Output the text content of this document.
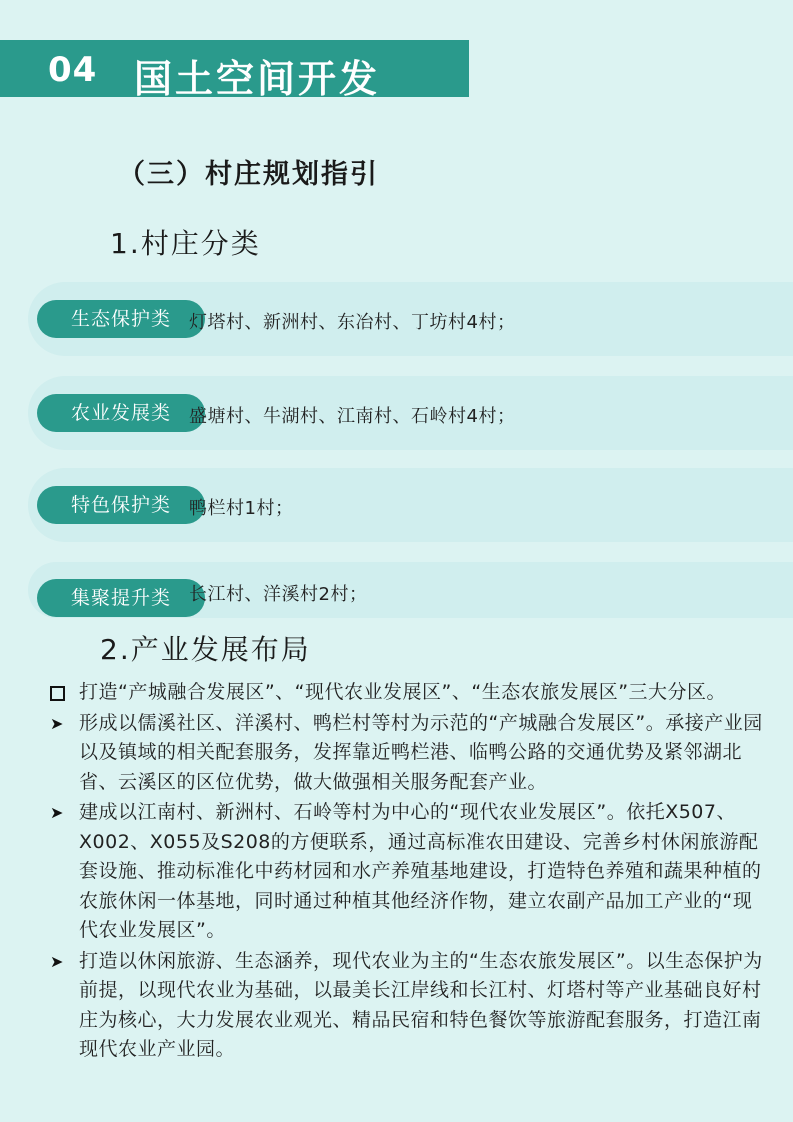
04 国土空间开发
（三）村庄规划指引
1.村庄分类
生态保护类	灯塔村、新洲村、东冶村、丁坊村4村；
农业发展类	盛塘村、牛湖村、江南村、石岭村4村；
特色保护类	鸭栏村1村；
集聚提升类	长江村、洋溪村2村；
2.产业发展布局
打造“产城融合发展区”、“现代农业发展区”、“生态农旅发展区”三大分区。
➤ 形成以儒溪社区、洋溪村、鸭栏村等村为示范的“产城融合发展区”。承接产业园以及镇域的相关配套服务，发挥靠近鸭栏港、临鸭公路的交通优势及紧邻湖北省、云溪区的区位优势，做大做强相关服务配套产业。
➤ 建成以江南村、新洲村、石岭等村为中心的“现代农业发展区”。依托X507、X002、X055及S208的方便联系，通过高标准农田建设、完善乡村休闲旅游配套设施、推动标准化中药材园和水产养殖基地建设，打造特色养殖和蔬果种植的农旅休闲一体基地，同时通过种植其他经济作物，建立农副产品加工产业的“现代农业发展区”。
➤ 打造以休闲旅游、生态涵养，现代农业为主的“生态农旅发展区”。以生态保护为前提，以现代农业为基础，以最美长江岸线和长江村、灯塔村等产业基础良好村庄为核心，大力发展农业观光、精品民宿和特色餐饮等旅游配套服务，打造江南现代农业产业园。
